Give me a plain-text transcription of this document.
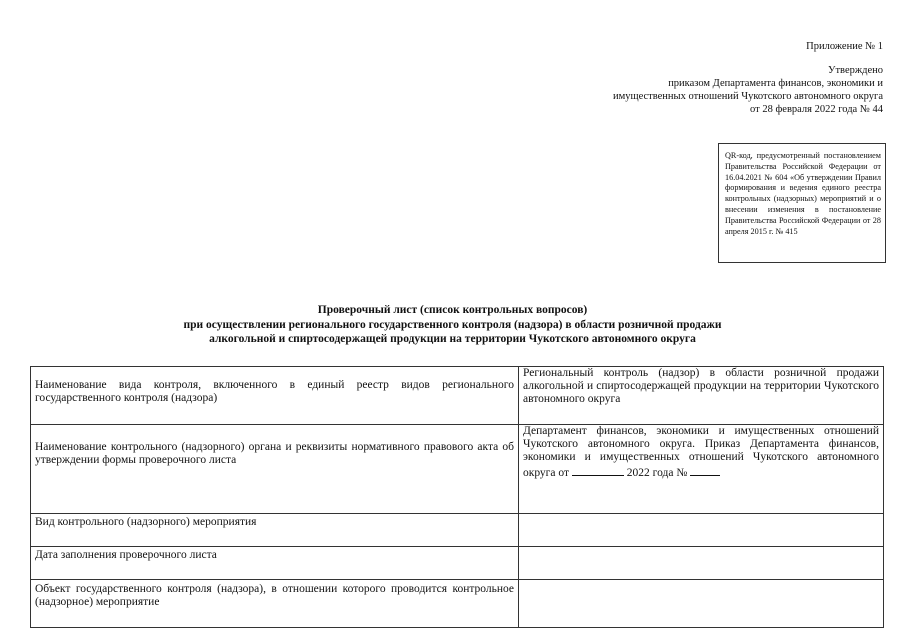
Приложение № 1
Утверждено
приказом Департамента финансов, экономики и
имущественных отношений Чукотского автономного округа
от 28 февраля 2022 года № 44
QR-код, предусмотренный постановлением Правительства Российской Федерации от 16.04.2021 № 604 «Об утверждении Правил формирования и ведения единого реестра контрольных (надзорных) мероприятий и о внесении изменения в постановление Правительства Российской Федерации от 28 апреля 2015 г. № 415
Проверочный лист (список контрольных вопросов)
при осуществлении регионального государственного контроля (надзора) в области розничной продажи
алкогольной и спиртосодержащей продукции на территории Чукотского автономного округа
Наименование вида контроля, включенного в единый реестр видов регионального государственного контроля (надзора)	Региональный контроль (надзор) в области розничной продажи алкогольной и спиртосодержащей продукции на территории Чукотского автономного округа
Наименование контрольного (надзорного) органа и реквизиты нормативного правового акта об утверждении формы проверочного листа	Департамент финансов, экономики и имущественных отношений Чукотского автономного округа. Приказ Департамента финансов, экономики и имущественных отношений Чукотского автономного округа от 2022 года №
Вид контрольного (надзорного) мероприятия	
Дата заполнения проверочного листа	
Объект государственного контроля (надзора), в отношении которого проводится контрольное (надзорное) мероприятие	
